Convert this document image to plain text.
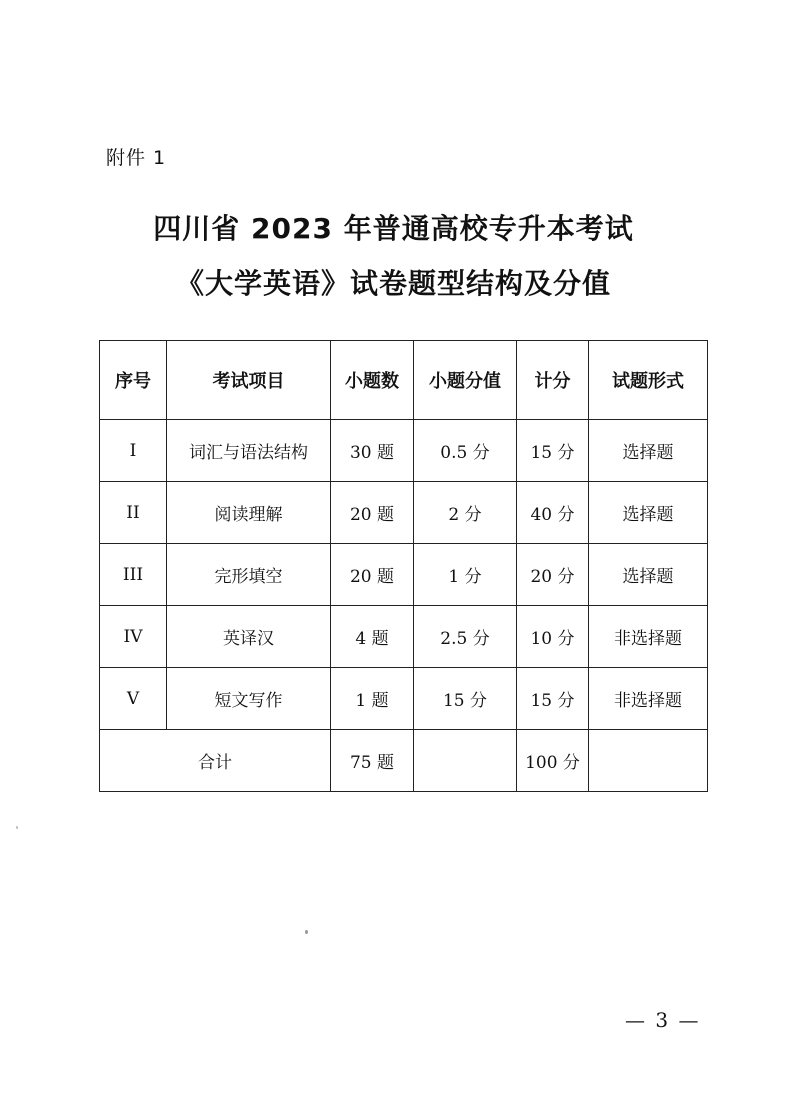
附件 1
四川省 2023 年普通高校专升本考试
《大学英语》试卷题型结构及分值
序号	考试项目	小题数	小题分值	计分	试题形式
I	词汇与语法结构	30 题	0.5 分	15 分	选择题
II	阅读理解	20 题	2 分	40 分	选择题
III	完形填空	20 题	1 分	20 分	选择题
IV	英译汉	4 题	2.5 分	10 分	非选择题
V	短文写作	1 题	15 分	15 分	非选择题
合计		75 题		100 分	
— 3 —
